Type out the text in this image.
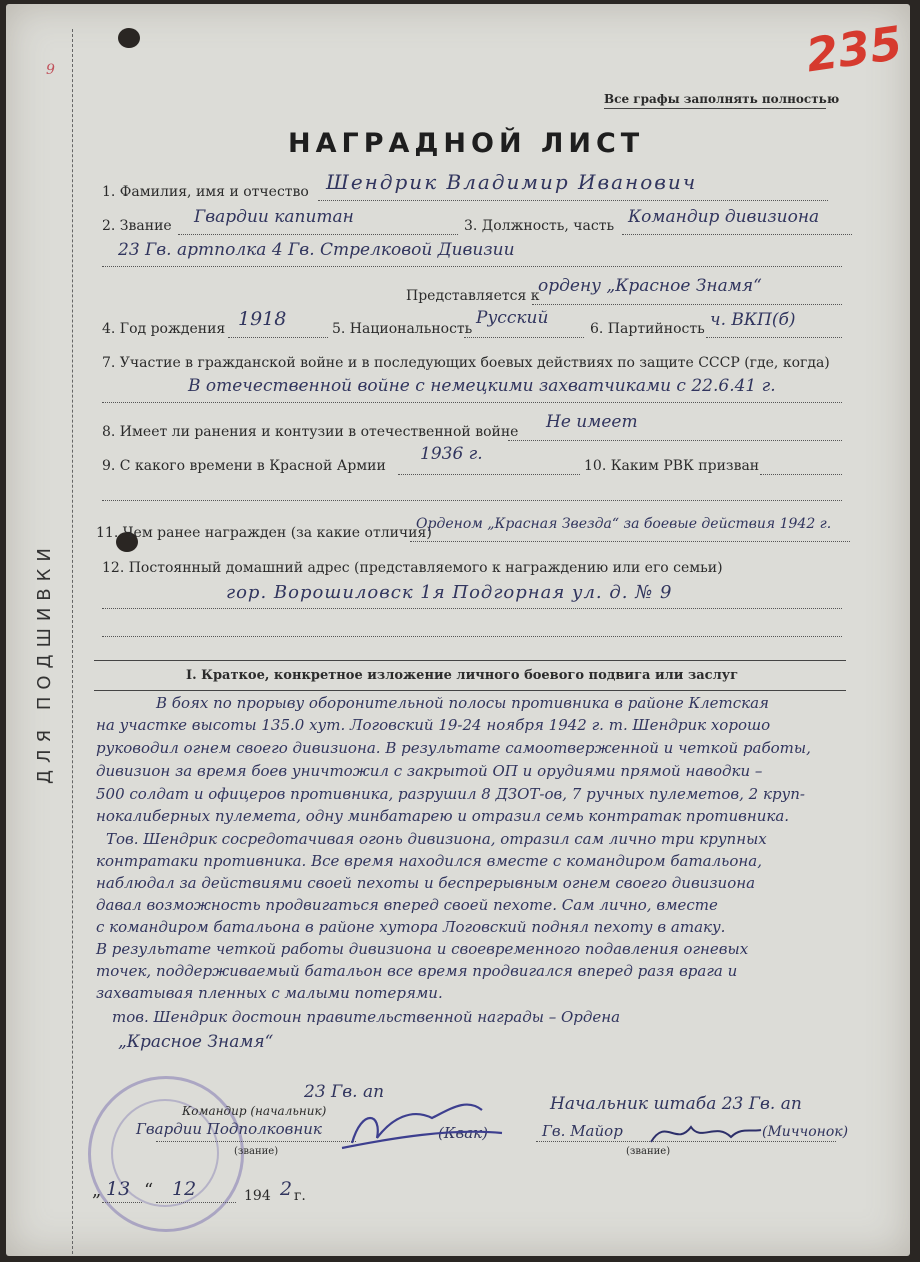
ДЛЯ ПОДШИВКИ
9	235
Все графы заполнять полностью
НАГРАДНОЙ ЛИСТ
1. Фамилия, имя и отчество Шендрик Владимир Иванович
2. Звание Гвардии капитан	3. Должность, часть Командир дивизиона
23 Гв. артполка 4 Гв. Стрелковой Дивизии
Представляется к
ордену „Красное Знамя“
4. Год рождения 1918	5. Национальность
Русский
6. Партийность ч. ВКП(б)
7. Участие в гражданской войне и в последующих боевых действиях по защите СССР (где, когда)
В отечественной войне с немецкими захватчиками с 22.6.41 г.
8. Имеет ли ранения и контузии в отечественной войне Не имеет
9. С какого времени в Красной Армии
1936 г.
10. Каким РВК призван
11. Чем ранее награжден (за какие отличия)
Орденом „Красная Звезда“ за боевые действия 1942 г.
12. Постоянный домашний адрес (представляемого к награждению или его семьи)
гор. Ворошиловск 1я Подгорная ул. д. № 9
I. Краткое, конкретное изложение личного боевого подвига или заслуг
В боях по прорыву оборонительной полосы противника в районе Клетская
на участке высоты 135.0 хут. Логовский 19-24 ноября 1942 г. т. Шендрик хорошо
руководил огнем своего дивизиона. В результате самоотверженной и четкой работы,
дивизион за время боев уничтожил с закрытой ОП и орудиями прямой наводки –
500 солдат и офицеров противника, разрушил 8 ДЗОТ-ов, 7 ручных пулеметов, 2 круп-
нокалиберных пулемета, одну минбатарею и отразил семь контратак противника.
Тов. Шендрик сосредотачивая огонь дивизиона, отразил сам лично три крупных
контратаки противника. Все время находился вместе с командиром батальона,
наблюдал за действиями своей пехоты и беспрерывным огнем своего дивизиона
давал возможность продвигаться вперед своей пехоте. Сам лично, вместе
с командиром батальона в районе хутора Логовский поднял пехоту в атаку.
В результате четкой работы дивизиона и своевременного подавления огневых
точек, поддерживаемый батальон все время продвигался вперед разя врага и
захватывая пленных с малыми потерями.
тов. Шендрик достоин правительственной награды – Ордена
„Красное Знамя“
23 Гв. ап
Командир (начальник)
Гвардии Подполковник
(звание)
(Квак)
Начальник штаба 23 Гв. ап
Гв. Майор
(звание)
(Миччонок)
„ 13 “ 12	194 2 г.
